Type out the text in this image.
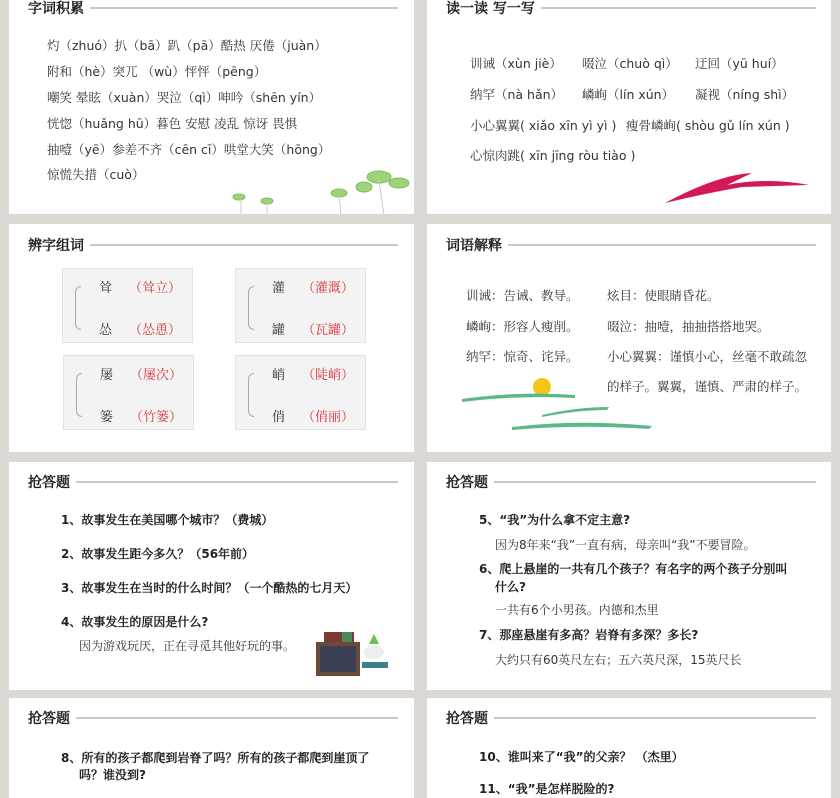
字词积累
灼（zhuó）扒（bā）趴（pā）酷热 厌倦（juàn）
附和（hè）突兀 （wù）怦怦（pēng）
嘲笑 晕眩（xuàn）哭泣（qì）呻吟（shēn yín）
恍惚（huǎng hū）暮色 安慰 凌乱 惊讶 畏惧
抽噎（yē）参差不齐（cēn cī）哄堂大笑（hōng）
惊慌失措（cuò）
读一读 写一写
训诫（xùn jiè） 啜泣（chuò qì） 迂回（yū huí）
纳罕（nà hǎn） 嶙峋（lín xún） 凝视（níng shì）
小心翼翼( xiǎo xīn yì yì ) 瘦骨嶙峋( shòu gǔ lín xún )
心惊肉跳( xīn jīng ròu tiào )
辨字组词
耸 （耸立）
怂 （怂恿）
灌 （灌溉）
罐 （瓦罐）
屡 （屡次）
篓 （竹篓）
峭 （陡峭）
俏 （俏丽）
词语解释
训诫：告诫、教导。
嶙峋：形容人瘦削。
纳罕：惊奇、诧异。
炫目：使眼睛昏花。
啜泣：抽噎，抽抽搭搭地哭。
小心翼翼：谨慎小心，丝毫不敢疏忽
的样子。翼翼，谨慎、严肃的样子。
抢答题
1、故事发生在美国哪个城市？（费城）
2、故事发生距今多久？（56年前）
3、故事发生在当时的什么时间？（一个酷热的七月天）
4、故事发生的原因是什么?
因为游戏玩厌，正在寻觅其他好玩的事。
抢答题
5、“我”为什么拿不定主意?
因为8年来“我”一直有病，母亲叫“我”不要冒险。
6、爬上悬崖的一共有几个孩子？有名字的两个孩子分别叫
什么?
一共有6个小男孩。内德和杰里
7、那座悬崖有多高？岩脊有多深？多长?
大约只有60英尺左右；五六英尺深，15英尺长
抢答题
8、所有的孩子都爬到岩脊了吗？所有的孩子都爬到崖顶了
吗？谁没到?
抢答题
10、谁叫来了“我”的父亲？ （杰里）
11、“我”是怎样脱险的?
